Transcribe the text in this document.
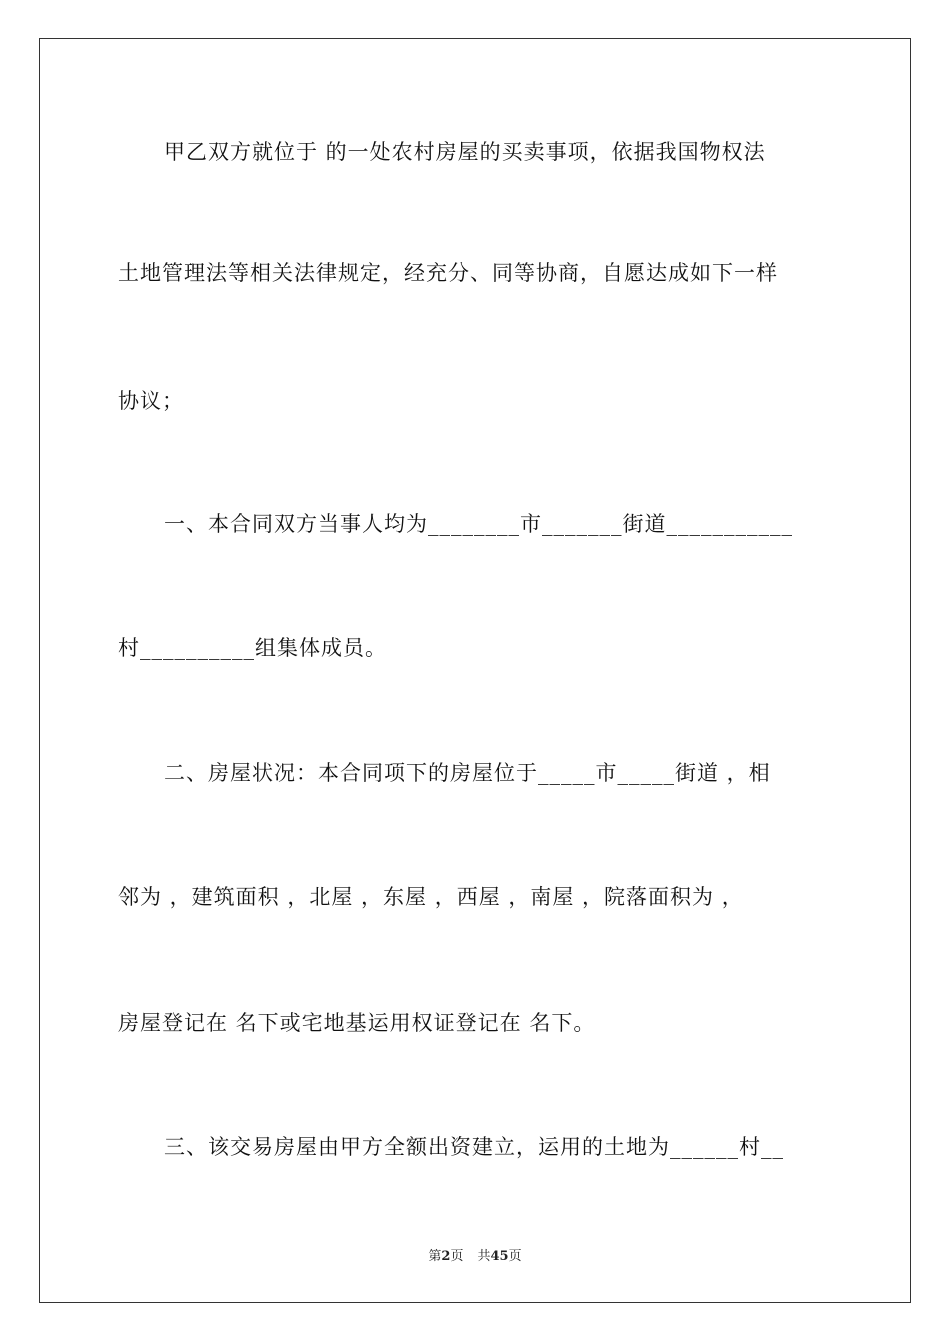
甲乙双方就位于 的一处农村房屋的买卖事项，依据我国物权法
土地管理法等相关法律规定，经充分、同等协商，自愿达成如下一样
协议；
一、本合同双方当事人均为________市_______街道___________
村__________组集体成员。
二、房屋状况：本合同项下的房屋位于_____市_____街道 ，相
邻为 ，建筑面积 ，北屋 ，东屋 ，西屋 ，南屋 ，院落面积为 ，
房屋登记在 名下或宅地基运用权证登记在 名下。
三、该交易房屋由甲方全额出资建立，运用的土地为______村__
第2页 共45页
